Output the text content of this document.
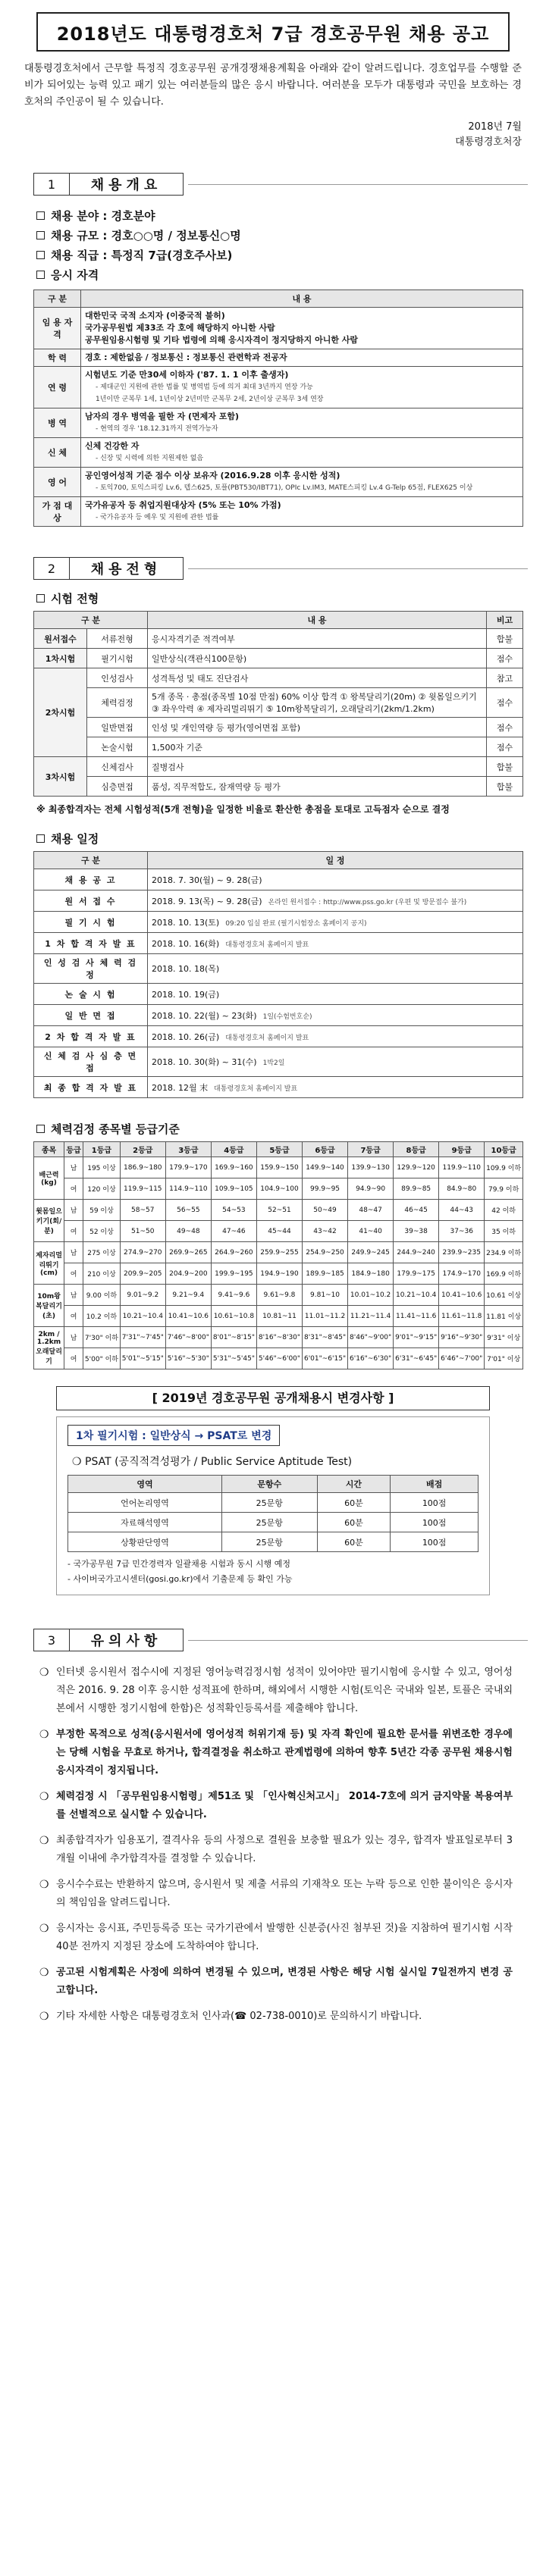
2018년도 대통령경호처 7급 경호공무원 채용 공고

대통령경호처에서 근무할 특정직 경호공무원 공개경쟁채용계획을 아래와 같이 알려드립니다. 경호업무를 수행할 준비가 되어있는 능력 있고 패기 있는 여러분들의 많은 응시 바랍니다. 여러분을 모두가 대통령과 국민을 보호하는 경호처의 주인공이 될 수 있습니다.

2018년 7월
대통령경호처장
1	채용개요
채용 분야 : 경호분야
채용 규모 : 경호○○명 / 정보통신○명
채용 직급 : 특정직 7급(경호주사보)
응시 자격
구 분	내 용
임 용 자 격	대한민국 국적 소지자 (이중국적 불허)
국가공무원법 제33조 각 호에 해당하지 아니한 사람
공무원임용시험령 및 기타 법령에 의해 응시자격이 정지당하지 아니한 사람

학 력	경호 : 제한없음 / 정보통신 : 정보통신 관련학과 전공자

연 령	시험년도 기준 만30세 이하자 ('87. 1. 1 이후 출생자)
- 제대군인 지원에 관한 법률 및 병역법 등에 의거 최대 3년까지 연장 가능
1년이만 군복무 1세, 1년이상 2년미만 군복무 2세, 2년이상 군복무 3세 연장

병 역	남자의 경우 병역을 필한 자 (면제자 포함)
- 현역의 경우 '18.12.31까지 전역가능자

신 체	신체 건강한 자
- 신장 및 시력에 의한 지원제한 없음

영 어	공인영어성적 기준 점수 이상 보유자 (2016.9.28 이후 응시한 성적)
- 토익700, 토익스피킹 Lv.6, 텝스625, 토플(PBT530/IBT71), OPIc Lv.IM3, MATE스피킹 Lv.4 G-Telp 65점, FLEX625 이상

가 점 대 상	국가유공자 등 취업지원대상자 (5% 또는 10% 가점)
- 국가유공자 등 예우 및 지원에 관한 법률
2	채용전형
시험 전형
구 분		내 용	비고
원서접수	서류전형	응시자격기준 적격여부	합불
1차시험	필기시험	일반상식(객관식100문항)	점수
2차시험	인성검사	성격특성 및 태도 진단검사	참고
	체력검정	5개 종목 · 총점(종목별 10점 만점) 60% 이상 합격 ① 왕복달리기(20m) ② 윗몸일으키기 ③ 좌우악력 ④ 제자리멀리뛰기 ⑤ 10m왕복달리기, 오래달리기(2km/1.2km)	점수
	일반면접	인성 및 개인역량 등 평가(영어면접 포함)	점수
	논술시험	1,500자 기준	점수
3차시험	신체검사	질병검사	합불
	심층면접	품성, 직무적합도, 잠재역량 등 평가	합불
※ 최종합격자는 전체 시험성적(5개 전형)을 일정한 비율로 환산한 총점을 토대로 고득점자 순으로 결정
채용 일정
구 분	일 정
채 용 공 고	2018. 7. 30(월) ~ 9. 28(금)
원 서 접 수	2018. 9. 13(목) ~ 9. 28(금) 온라인 원서접수 : http://www.pss.go.kr (우편 및 방문접수 불가)
필 기 시 험	2018. 10. 13(토) 09:20 입실 완료 (필기시험장소 홈페이지 공지)
1 차 합 격 자 발 표	2018. 10. 16(화) 대통령경호처 홈페이지 발표
인 성 검 사 체 력 검 정	2018. 10. 18(목)
논 술 시 험	2018. 10. 19(금)
일 반 면 접	2018. 10. 22(월) ~ 23(화) 1일(수험번호순)
2 차 합 격 자 발 표	2018. 10. 26(금) 대통령경호처 홈페이지 발표
신 체 검 사 심 층 면 접	2018. 10. 30(화) ~ 31(수) 1박2일
최 종 합 격 자 발 표	2018. 12월 末 대통령경호처 홈페이지 발표
체력검정 종목별 등급기준
종목	등급	1등급	2등급	3등급	4등급	5등급	6등급	7등급	8등급	9등급	10등급
배근력(kg)	남	195 이상	186.9~180	179.9~170	169.9~160	159.9~150	149.9~140	139.9~130	129.9~120	119.9~110	109.9 이하
	여	120 이상	119.9~115	114.9~110	109.9~105	104.9~100	99.9~95	94.9~90	89.9~85	84.9~80	79.9 이하
윗몸일으키기(회/분)	남	59 이상	58~57	56~55	54~53	52~51	50~49	48~47	46~45	44~43	42 이하
	여	52 이상	51~50	49~48	47~46	45~44	43~42	41~40	39~38	37~36	35 이하
제자리멀리뛰기(cm)	남	275 이상	274.9~270	269.9~265	264.9~260	259.9~255	254.9~250	249.9~245	244.9~240	239.9~235	234.9 이하
	여	210 이상	209.9~205	204.9~200	199.9~195	194.9~190	189.9~185	184.9~180	179.9~175	174.9~170	169.9 이하
10m왕복달리기(초)	남	9.00 이하	9.01~9.2	9.21~9.4	9.41~9.6	9.61~9.8	9.81~10	10.01~10.2	10.21~10.4	10.41~10.6	10.61 이상
	여	10.2 이하	10.21~10.4	10.41~10.6	10.61~10.8	10.81~11	11.01~11.2	11.21~11.4	11.41~11.6	11.61~11.8	11.81 이상
2km / 1.2km 오래달리기	남	7'30" 이하	7'31"~7'45"	7'46"~8'00"	8'01"~8'15"	8'16"~8'30"	8'31"~8'45"	8'46"~9'00"	9'01"~9'15"	9'16"~9'30"	9'31" 이상
	여	5'00" 이하	5'01"~5'15"	5'16"~5'30"	5'31"~5'45"	5'46"~6'00"	6'01"~6'15"	6'16"~6'30"	6'31"~6'45"	6'46"~7'00"	7'01" 이상
[ 2019년 경호공무원 공개채용시 변경사항 ]
1차 필기시험 : 일반상식 → PSAT로 변경
❍ PSAT (공직적격성평가 / Public Service Aptitude Test)
영역	문항수	시간	배점
언어논리영역	25문항	60분	100점
자료해석영역	25문항	60분	100점
상황판단영역	25문항	60분	100점
- 국가공무원 7급 민간경력자 일괄채용 시험과 동시 시행 예정
- 사이버국가고시센터(gosi.go.kr)에서 기출문제 등 확인 가능
3	유의사항
❍ 인터넷 응시원서 접수시에 지정된 영어능력검정시험 성적이 있어야만 필기시험에 응시할 수 있고, 영어성적은 2016. 9. 28 이후 응시한 성적표에 한하며, 해외에서 시행한 시험(토익은 국내와 일본, 토플은 국내외본에서 시행한 정기시험에 한함)은 성적확인등록서를 제출해야 합니다.
❍ 부정한 목적으로 성적(응시원서에 영어성적 허위기재 등) 및 자격 확인에 필요한 문서를 위변조한 경우에는 당해 시험을 무효로 하거나, 합격결정을 취소하고 관계법령에 의하여 향후 5년간 각종 공무원 채용시험 응시자격이 정지됩니다.
❍ 체력검정 시 「공무원임용시험령」제51조 및 「인사혁신처고시」 2014-7호에 의거 금지약물 복용여부를 선별적으로 실시할 수 있습니다.
❍ 최종합격자가 임용포기, 결격사유 등의 사정으로 결원을 보충할 필요가 있는 경우, 합격자 발표일로부터 3개월 이내에 추가합격자를 결정할 수 있습니다.
❍ 응시수수료는 반환하지 않으며, 응시원서 및 제출 서류의 기재착오 또는 누락 등으로 인한 불이익은 응시자의 책임임을 알려드립니다.
❍ 응시자는 응시표, 주민등록증 또는 국가기관에서 발행한 신분증(사진 첨부된 것)을 지참하여 필기시험 시작 40분 전까지 지정된 장소에 도착하여야 합니다.
❍ 공고된 시험계획은 사정에 의하여 변경될 수 있으며, 변경된 사항은 해당 시험 실시일 7일전까지 변경 공고합니다.
❍ 기타 자세한 사항은 대통령경호처 인사과(☎ 02-738-0010)로 문의하시기 바랍니다.
